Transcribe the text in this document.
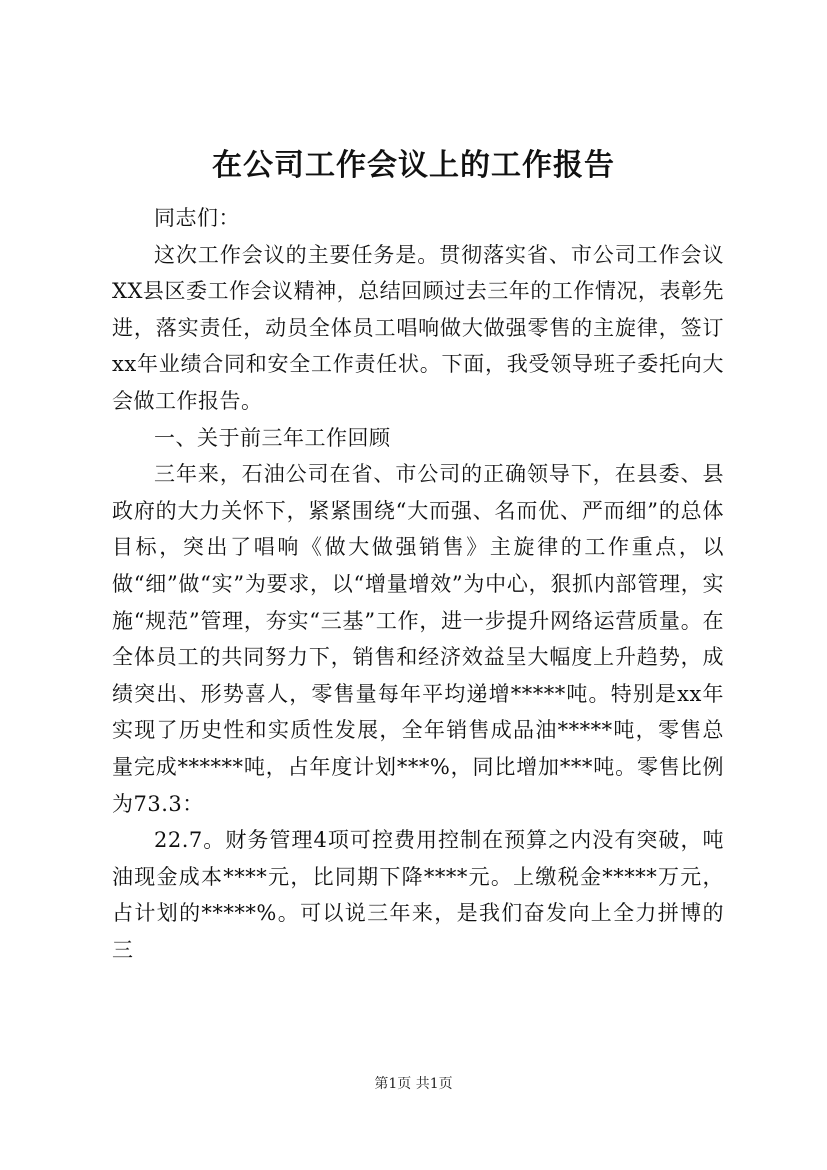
在公司工作会议上的工作报告

同志们：

这次工作会议的主要任务是。贯彻落实省、市公司工作会议XX县区委工作会议精神，总结回顾过去三年的工作情况，表彰先进，落实责任，动员全体员工唱响做大做强零售的主旋律，签订xx年业绩合同和安全工作责任状。下面，我受领导班子委托向大会做工作报告。

一、关于前三年工作回顾

三年来，石油公司在省、市公司的正确领导下，在县委、县政府的大力关怀下，紧紧围绕“大而强、名而优、严而细”的总体目标，突出了唱响《做大做强销售》主旋律的工作重点，以做“细”做“实”为要求，以“增量增效”为中心，狠抓内部管理，实施“规范”管理，夯实“三基”工作，进一步提升网络运营质量。在全体员工的共同努力下，销售和经济效益呈大幅度上升趋势，成绩突出、形势喜人，零售量每年平均递增*****吨。特别是xx年实现了历史性和实质性发展，全年销售成品油*****吨，零售总量完成******吨，占年度计划***%，同比增加***吨。零售比例为73.3：

22.7。财务管理4项可控费用控制在预算之内没有突破，吨油现金成本****元，比同期下降****元。上缴税金*****万元，占计划的*****%。可以说三年来，是我们奋发向上全力拼博的三

第1页 共1页
